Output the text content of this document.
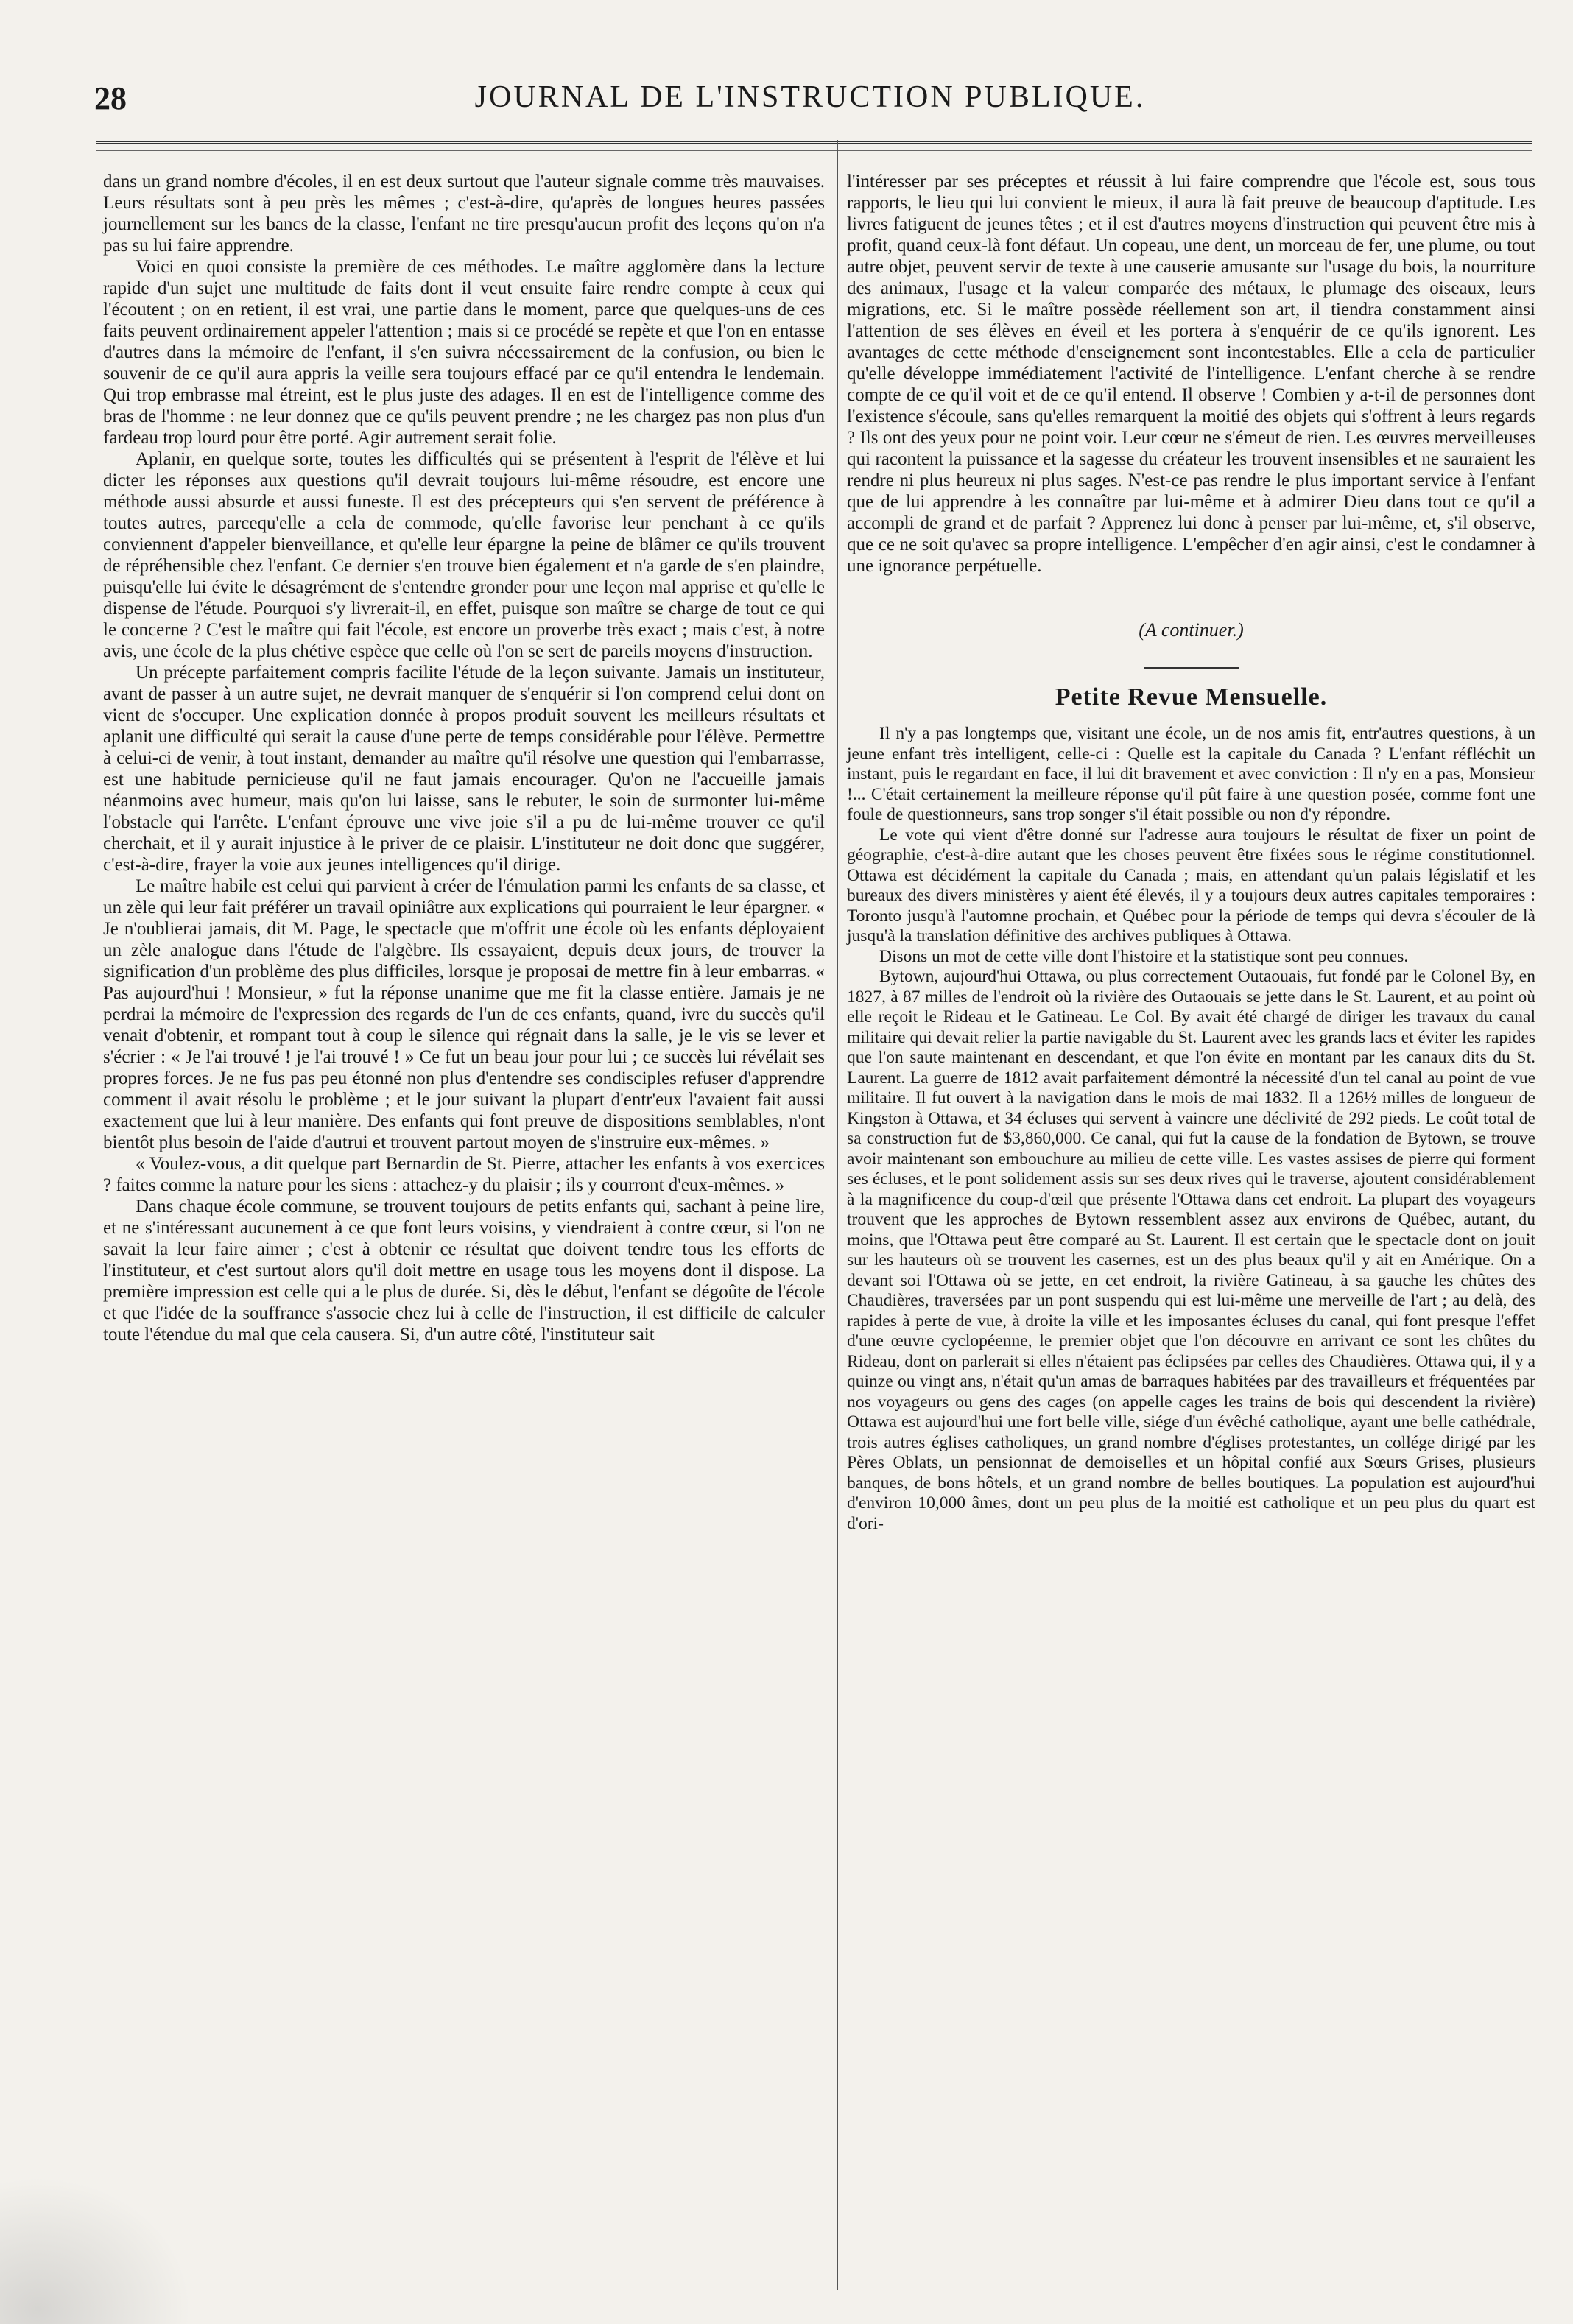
28	JOURNAL DE L'INSTRUCTION PUBLIQUE.

dans un grand nombre d'écoles, il en est deux surtout que l'auteur signale comme très mauvaises. Leurs résultats sont à peu près les mêmes ; c'est-à-dire, qu'après de longues heures passées journellement sur les bancs de la classe, l'enfant ne tire presqu'aucun profit des leçons qu'on n'a pas su lui faire apprendre.

Voici en quoi consiste la première de ces méthodes. Le maître agglomère dans la lecture rapide d'un sujet une multitude de faits dont il veut ensuite faire rendre compte à ceux qui l'écoutent ; on en retient, il est vrai, une partie dans le moment, parce que quelques-uns de ces faits peuvent ordinairement appeler l'attention ; mais si ce procédé se repète et que l'on en entasse d'autres dans la mémoire de l'enfant, il s'en suivra nécessairement de la confusion, ou bien le souvenir de ce qu'il aura appris la veille sera toujours effacé par ce qu'il entendra le lendemain. Qui trop embrasse mal étreint, est le plus juste des adages. Il en est de l'intelligence comme des bras de l'homme : ne leur donnez que ce qu'ils peuvent prendre ; ne les chargez pas non plus d'un fardeau trop lourd pour être porté. Agir autrement serait folie.

Aplanir, en quelque sorte, toutes les difficultés qui se présentent à l'esprit de l'élève et lui dicter les réponses aux questions qu'il devrait toujours lui-même résoudre, est encore une méthode aussi absurde et aussi funeste. Il est des précepteurs qui s'en servent de préférence à toutes autres, parcequ'elle a cela de commode, qu'elle favorise leur penchant à ce qu'ils conviennent d'appeler bienveillance, et qu'elle leur épargne la peine de blâmer ce qu'ils trouvent de répréhensible chez l'enfant. Ce dernier s'en trouve bien également et n'a garde de s'en plaindre, puisqu'elle lui évite le désagrément de s'entendre gronder pour une leçon mal apprise et qu'elle le dispense de l'étude. Pourquoi s'y livrerait-il, en effet, puisque son maître se charge de tout ce qui le concerne ? C'est le maître qui fait l'école, est encore un proverbe très exact ; mais c'est, à notre avis, une école de la plus chétive espèce que celle où l'on se sert de pareils moyens d'instruction.

Un précepte parfaitement compris facilite l'étude de la leçon suivante. Jamais un instituteur, avant de passer à un autre sujet, ne devrait manquer de s'enquérir si l'on comprend celui dont on vient de s'occuper. Une explication donnée à propos produit souvent les meilleurs résultats et aplanit une difficulté qui serait la cause d'une perte de temps considérable pour l'élève. Permettre à celui-ci de venir, à tout instant, demander au maître qu'il résolve une question qui l'embarrasse, est une habitude pernicieuse qu'il ne faut jamais encourager. Qu'on ne l'accueille jamais néanmoins avec humeur, mais qu'on lui laisse, sans le rebuter, le soin de surmonter lui-même l'obstacle qui l'arrête. L'enfant éprouve une vive joie s'il a pu de lui-même trouver ce qu'il cherchait, et il y aurait injustice à le priver de ce plaisir. L'instituteur ne doit donc que suggérer, c'est-à-dire, frayer la voie aux jeunes intelligences qu'il dirige.

Le maître habile est celui qui parvient à créer de l'émulation parmi les enfants de sa classe, et un zèle qui leur fait préférer un travail opiniâtre aux explications qui pourraient le leur épargner. « Je n'oublierai jamais, dit M. Page, le spectacle que m'offrit une école où les enfants déployaient un zèle analogue dans l'étude de l'algèbre. Ils essayaient, depuis deux jours, de trouver la signification d'un problème des plus difficiles, lorsque je proposai de mettre fin à leur embarras. « Pas aujourd'hui ! Monsieur, » fut la réponse unanime que me fit la classe entière. Jamais je ne perdrai la mémoire de l'expression des regards de l'un de ces enfants, quand, ivre du succès qu'il venait d'obtenir, et rompant tout à coup le silence qui régnait dans la salle, je le vis se lever et s'écrier : « Je l'ai trouvé ! je l'ai trouvé ! » Ce fut un beau jour pour lui ; ce succès lui révélait ses propres forces. Je ne fus pas peu étonné non plus d'entendre ses condisciples refuser d'apprendre comment il avait résolu le problème ; et le jour suivant la plupart d'entr'eux l'avaient fait aussi exactement que lui à leur manière. Des enfants qui font preuve de dispositions semblables, n'ont bientôt plus besoin de l'aide d'autrui et trouvent partout moyen de s'instruire eux-mêmes. »

« Voulez-vous, a dit quelque part Bernardin de St. Pierre, attacher les enfants à vos exercices ? faites comme la nature pour les siens : attachez-y du plaisir ; ils y courront d'eux-mêmes. »

Dans chaque école commune, se trouvent toujours de petits enfants qui, sachant à peine lire, et ne s'intéressant aucunement à ce que font leurs voisins, y viendraient à contre cœur, si l'on ne savait la leur faire aimer ; c'est à obtenir ce résultat que doivent tendre tous les efforts de l'instituteur, et c'est surtout alors qu'il doit mettre en usage tous les moyens dont il dispose. La première impression est celle qui a le plus de durée. Si, dès le début, l'enfant se dégoûte de l'école et que l'idée de la souffrance s'associe chez lui à celle de l'instruction, il est difficile de calculer toute l'étendue du mal que cela causera. Si, d'un autre côté, l'instituteur sait

l'intéresser par ses préceptes et réussit à lui faire comprendre que l'école est, sous tous rapports, le lieu qui lui convient le mieux, il aura là fait preuve de beaucoup d'aptitude. Les livres fatiguent de jeunes têtes ; et il est d'autres moyens d'instruction qui peuvent être mis à profit, quand ceux-là font défaut. Un copeau, une dent, un morceau de fer, une plume, ou tout autre objet, peuvent servir de texte à une causerie amusante sur l'usage du bois, la nourriture des animaux, l'usage et la valeur comparée des métaux, le plumage des oiseaux, leurs migrations, etc. Si le maître possède réellement son art, il tiendra constamment ainsi l'attention de ses élèves en éveil et les portera à s'enquérir de ce qu'ils ignorent. Les avantages de cette méthode d'enseignement sont incontestables. Elle a cela de particulier qu'elle développe immédiatement l'activité de l'intelligence. L'enfant cherche à se rendre compte de ce qu'il voit et de ce qu'il entend. Il observe ! Combien y a-t-il de personnes dont l'existence s'écoule, sans qu'elles remarquent la moitié des objets qui s'offrent à leurs regards ? Ils ont des yeux pour ne point voir. Leur cœur ne s'émeut de rien. Les œuvres merveilleuses qui racontent la puissance et la sagesse du créateur les trouvent insensibles et ne sauraient les rendre ni plus heureux ni plus sages. N'est-ce pas rendre le plus important service à l'enfant que de lui apprendre à les connaître par lui-même et à admirer Dieu dans tout ce qu'il a accompli de grand et de parfait ? Apprenez lui donc à penser par lui-même, et, s'il observe, que ce ne soit qu'avec sa propre intelligence. L'empêcher d'en agir ainsi, c'est le condamner à une ignorance perpétuelle.

(A continuer.)
Petite Revue Mensuelle.

Il n'y a pas longtemps que, visitant une école, un de nos amis fit, entr'autres questions, à un jeune enfant très intelligent, celle-ci : Quelle est la capitale du Canada ? L'enfant réfléchit un instant, puis le regardant en face, il lui dit bravement et avec conviction : Il n'y en a pas, Monsieur !... C'était certainement la meilleure réponse qu'il pût faire à une question posée, comme font une foule de questionneurs, sans trop songer s'il était possible ou non d'y répondre.

Le vote qui vient d'être donné sur l'adresse aura toujours le résultat de fixer un point de géographie, c'est-à-dire autant que les choses peuvent être fixées sous le régime constitutionnel. Ottawa est décidément la capitale du Canada ; mais, en attendant qu'un palais législatif et les bureaux des divers ministères y aient été élevés, il y a toujours deux autres capitales temporaires : Toronto jusqu'à l'automne prochain, et Québec pour la période de temps qui devra s'écouler de là jusqu'à la translation définitive des archives publiques à Ottawa.

Disons un mot de cette ville dont l'histoire et la statistique sont peu connues.

Bytown, aujourd'hui Ottawa, ou plus correctement Outaouais, fut fondé par le Colonel By, en 1827, à 87 milles de l'endroit où la rivière des Outaouais se jette dans le St. Laurent, et au point où elle reçoit le Rideau et le Gatineau. Le Col. By avait été chargé de diriger les travaux du canal militaire qui devait relier la partie navigable du St. Laurent avec les grands lacs et éviter les rapides que l'on saute maintenant en descendant, et que l'on évite en montant par les canaux dits du St. Laurent. La guerre de 1812 avait parfaitement démontré la nécessité d'un tel canal au point de vue militaire. Il fut ouvert à la navigation dans le mois de mai 1832. Il a 126½ milles de longueur de Kingston à Ottawa, et 34 écluses qui servent à vaincre une déclivité de 292 pieds. Le coût total de sa construction fut de $3,860,000. Ce canal, qui fut la cause de la fondation de Bytown, se trouve avoir maintenant son embouchure au milieu de cette ville. Les vastes assises de pierre qui forment ses écluses, et le pont solidement assis sur ses deux rives qui le traverse, ajoutent considérablement à la magnificence du coup-d'œil que présente l'Ottawa dans cet endroit. La plupart des voyageurs trouvent que les approches de Bytown ressemblent assez aux environs de Québec, autant, du moins, que l'Ottawa peut être comparé au St. Laurent. Il est certain que le spectacle dont on jouit sur les hauteurs où se trouvent les casernes, est un des plus beaux qu'il y ait en Amérique. On a devant soi l'Ottawa où se jette, en cet endroit, la rivière Gatineau, à sa gauche les chûtes des Chaudières, traversées par un pont suspendu qui est lui-même une merveille de l'art ; au delà, des rapides à perte de vue, à droite la ville et les imposantes écluses du canal, qui font presque l'effet d'une œuvre cyclopéenne, le premier objet que l'on découvre en arrivant ce sont les chûtes du Rideau, dont on parlerait si elles n'étaient pas éclipsées par celles des Chaudières. Ottawa qui, il y a quinze ou vingt ans, n'était qu'un amas de barraques habitées par des travailleurs et fréquentées par nos voyageurs ou gens des cages (on appelle cages les trains de bois qui descendent la rivière) Ottawa est aujourd'hui une fort belle ville, siége d'un évêché catholique, ayant une belle cathédrale, trois autres églises catholiques, un grand nombre d'églises protestantes, un collége dirigé par les Pères Oblats, un pensionnat de demoiselles et un hôpital confié aux Sœurs Grises, plusieurs banques, de bons hôtels, et un grand nombre de belles boutiques. La population est aujourd'hui d'environ 10,000 âmes, dont un peu plus de la moitié est catholique et un peu plus du quart est d'ori-
